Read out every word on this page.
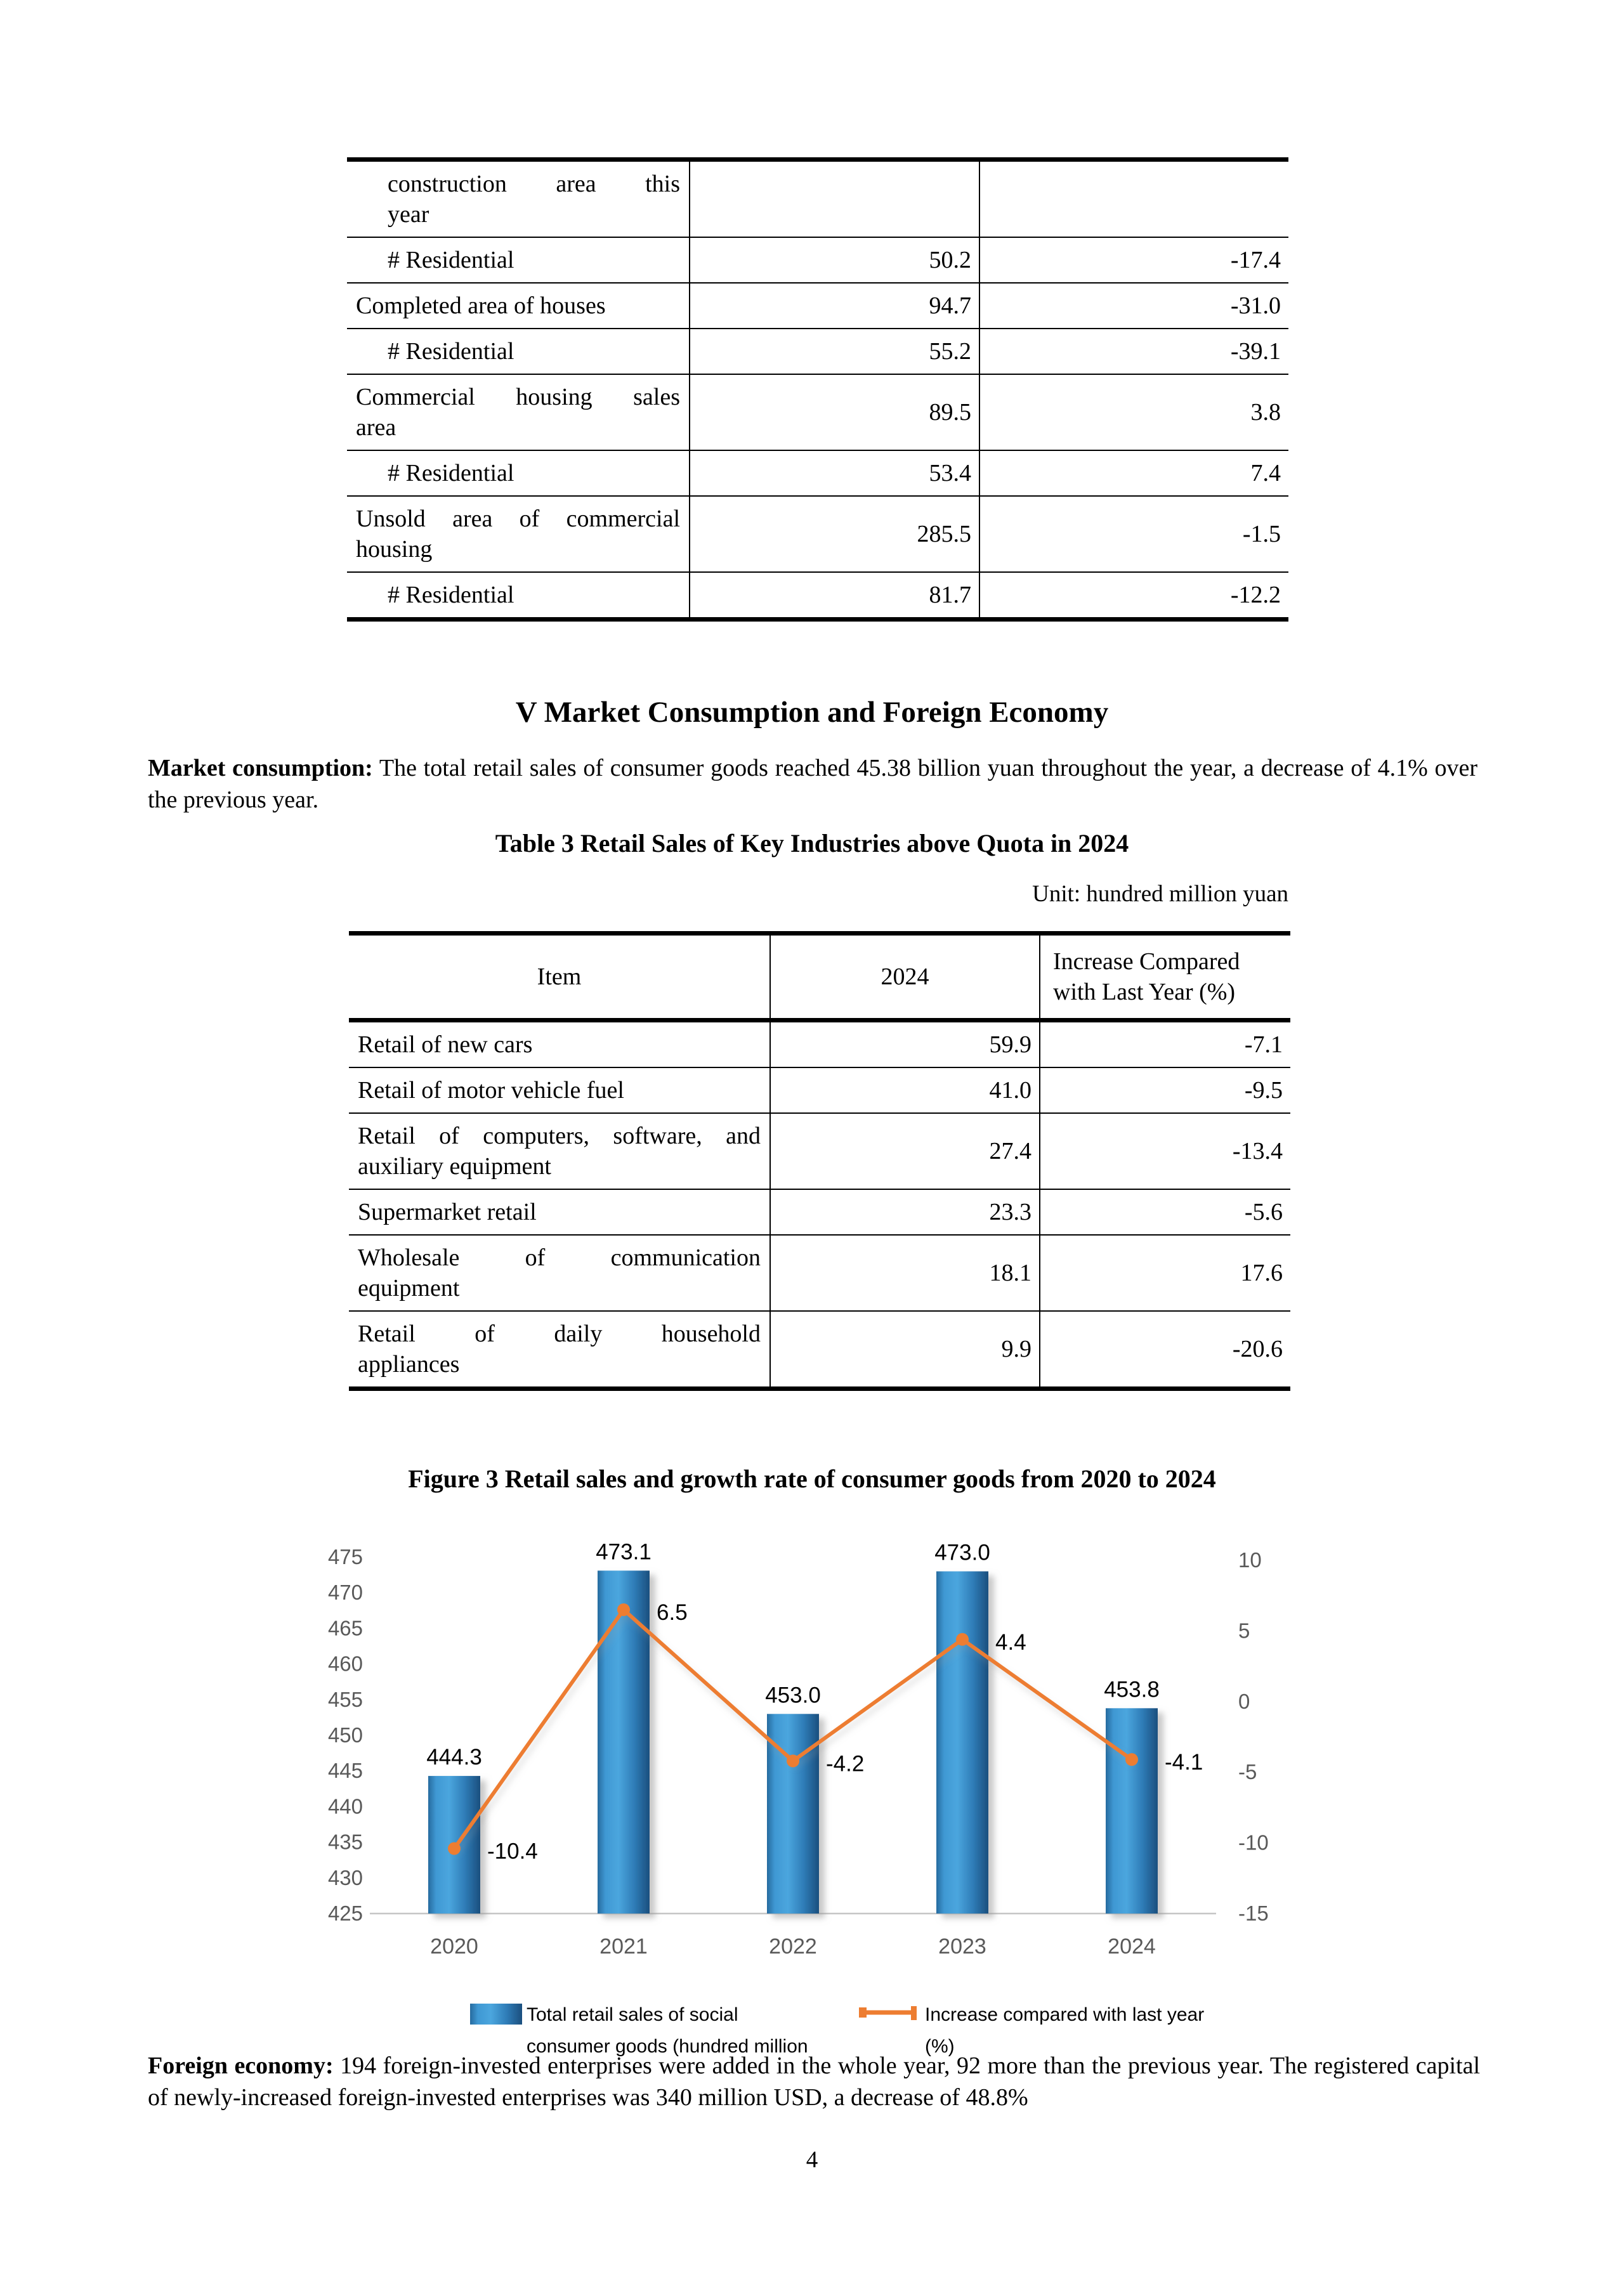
construction area this
year		

# Residential	50.2	-17.4

Completed area of houses	94.7	-31.0

# Residential	55.2	-39.1

Commercial housing sales
area	89.5	3.8

# Residential	53.4	7.4

Unsold area of commercial
housing	285.5	-1.5

# Residential	81.7	-12.2
V Market Consumption and Foreign Economy
Market consumption: The total retail sales of consumer goods reached 45.38 billion yuan throughout the year, a decrease of 4.1% over the previous year.
Table 3 Retail Sales of Key Industries above Quota in 2024
Unit: hundred million yuan
Item	2024	Increase Compared with Last Year (%)

Retail of new cars	59.9	-7.1

Retail of motor vehicle fuel	41.0	-9.5

Retail of computers, software, and
auxiliary equipment	27.4	-13.4

Supermarket retail	23.3	-5.6

Wholesale of communication
equipment	18.1	17.6

Retail of daily household
appliances	9.9	-20.6
Figure 3 Retail sales and growth rate of consumer goods from 2020 to 2024
425
430
435
440
445
450
455
460
465
470
475	10
5
0
-5
-10
-15
444.3
2020
473.1
2021
453.0
2022
473.0
2023
453.8
2024
-10.4
6.5
-4.2
4.4
-4.1
Total retail sales of social
consumer goods (hundred million
Increase compared with last year
(%)
Foreign economy: 194 foreign-invested enterprises were added in the whole year, 92 more than the previous year. The registered capital of newly-increased foreign-invested enterprises was 340 million USD, a decrease of 48.8%
4
